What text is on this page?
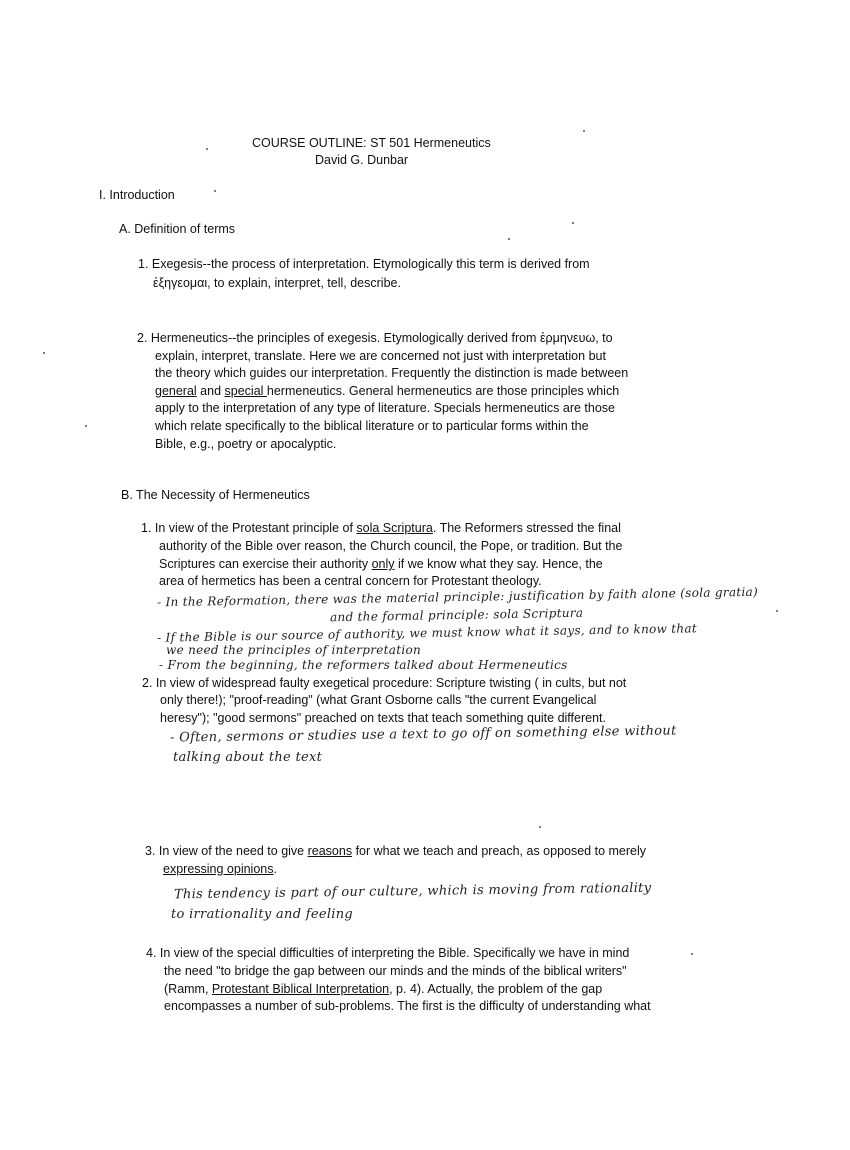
COURSE OUTLINE: ST 501 Hermeneutics
David G. Dunbar
I. Introduction
A. Definition of terms
1. Exegesis--the process of interpretation. Etymologically this term is derived from
ἐξηγεομαι, to explain, interpret, tell, describe.
2. Hermeneutics--the principles of exegesis. Etymologically derived from ἑρμηνευω, to
explain, interpret, translate. Here we are concerned not just with interpretation but
the theory which guides our interpretation. Frequently the distinction is made between
general and special hermeneutics. General hermeneutics are those principles which
apply to the interpretation of any type of literature. Specials hermeneutics are those
which relate specifically to the biblical literature or to particular forms within the
Bible, e.g., poetry or apocalyptic.
B. The Necessity of Hermeneutics
1. In view of the Protestant principle of sola Scriptura. The Reformers stressed the final
authority of the Bible over reason, the Church council, the Pope, or tradition. But the
Scriptures can exercise their authority only if we know what they say. Hence, the
area of hermetics has been a central concern for Protestant theology.
- In the Reformation, there was the material principle: justification by faith alone (sola gratia)
and the formal principle: sola Scriptura
- If the Bible is our source of authority, we must know what it says, and to know that
we need the principles of interpretation
- From the beginning, the reformers talked about Hermeneutics
2. In view of widespread faulty exegetical procedure: Scripture twisting ( in cults, but not
only there!); "proof-reading" (what Grant Osborne calls "the current Evangelical
heresy"); "good sermons" preached on texts that teach something quite different.
- Often, sermons or studies use a text to go off on something else without
talking about the text
3. In view of the need to give reasons for what we teach and preach, as opposed to merely
expressing opinions.
This tendency is part of our culture, which is moving from rationality
to irrationality and feeling
4. In view of the special difficulties of interpreting the Bible. Specifically we have in mind
the need "to bridge the gap between our minds and the minds of the biblical writers"
(Ramm, Protestant Biblical Interpretation, p. 4). Actually, the problem of the gap
encompasses a number of sub-problems. The first is the difficulty of understanding what
